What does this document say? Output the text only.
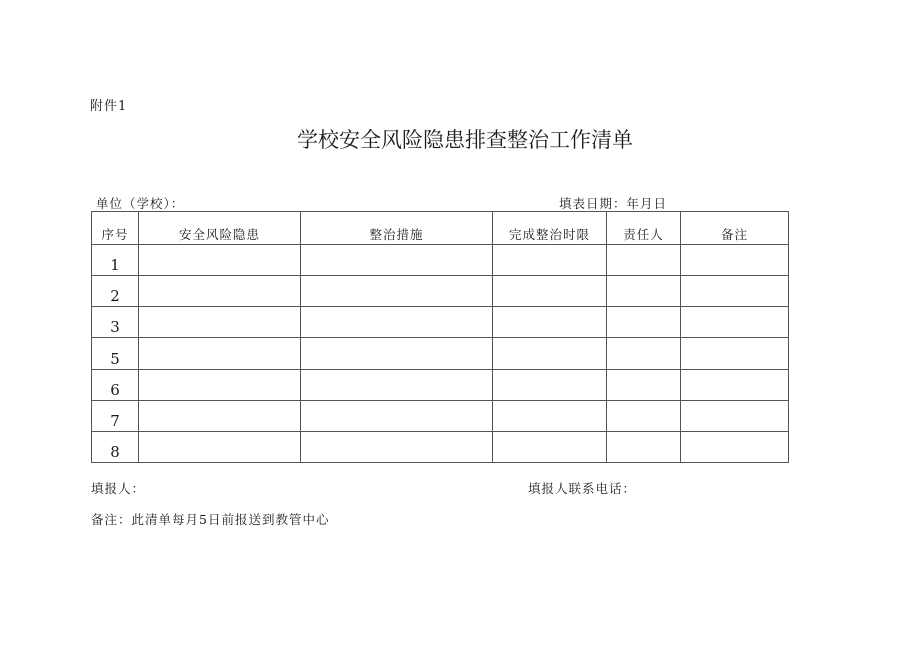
附件1
学校安全风险隐患排查整治工作清单
单位（学校）：	填表日期：年月日
序号	安全风险隐患	整治措施	完成整治时限	责任人	备注
1					
2					
3					
5					
6					
7					
8					
填报人：	填报人联系电话：
备注：此清单每月5日前报送到教管中心
